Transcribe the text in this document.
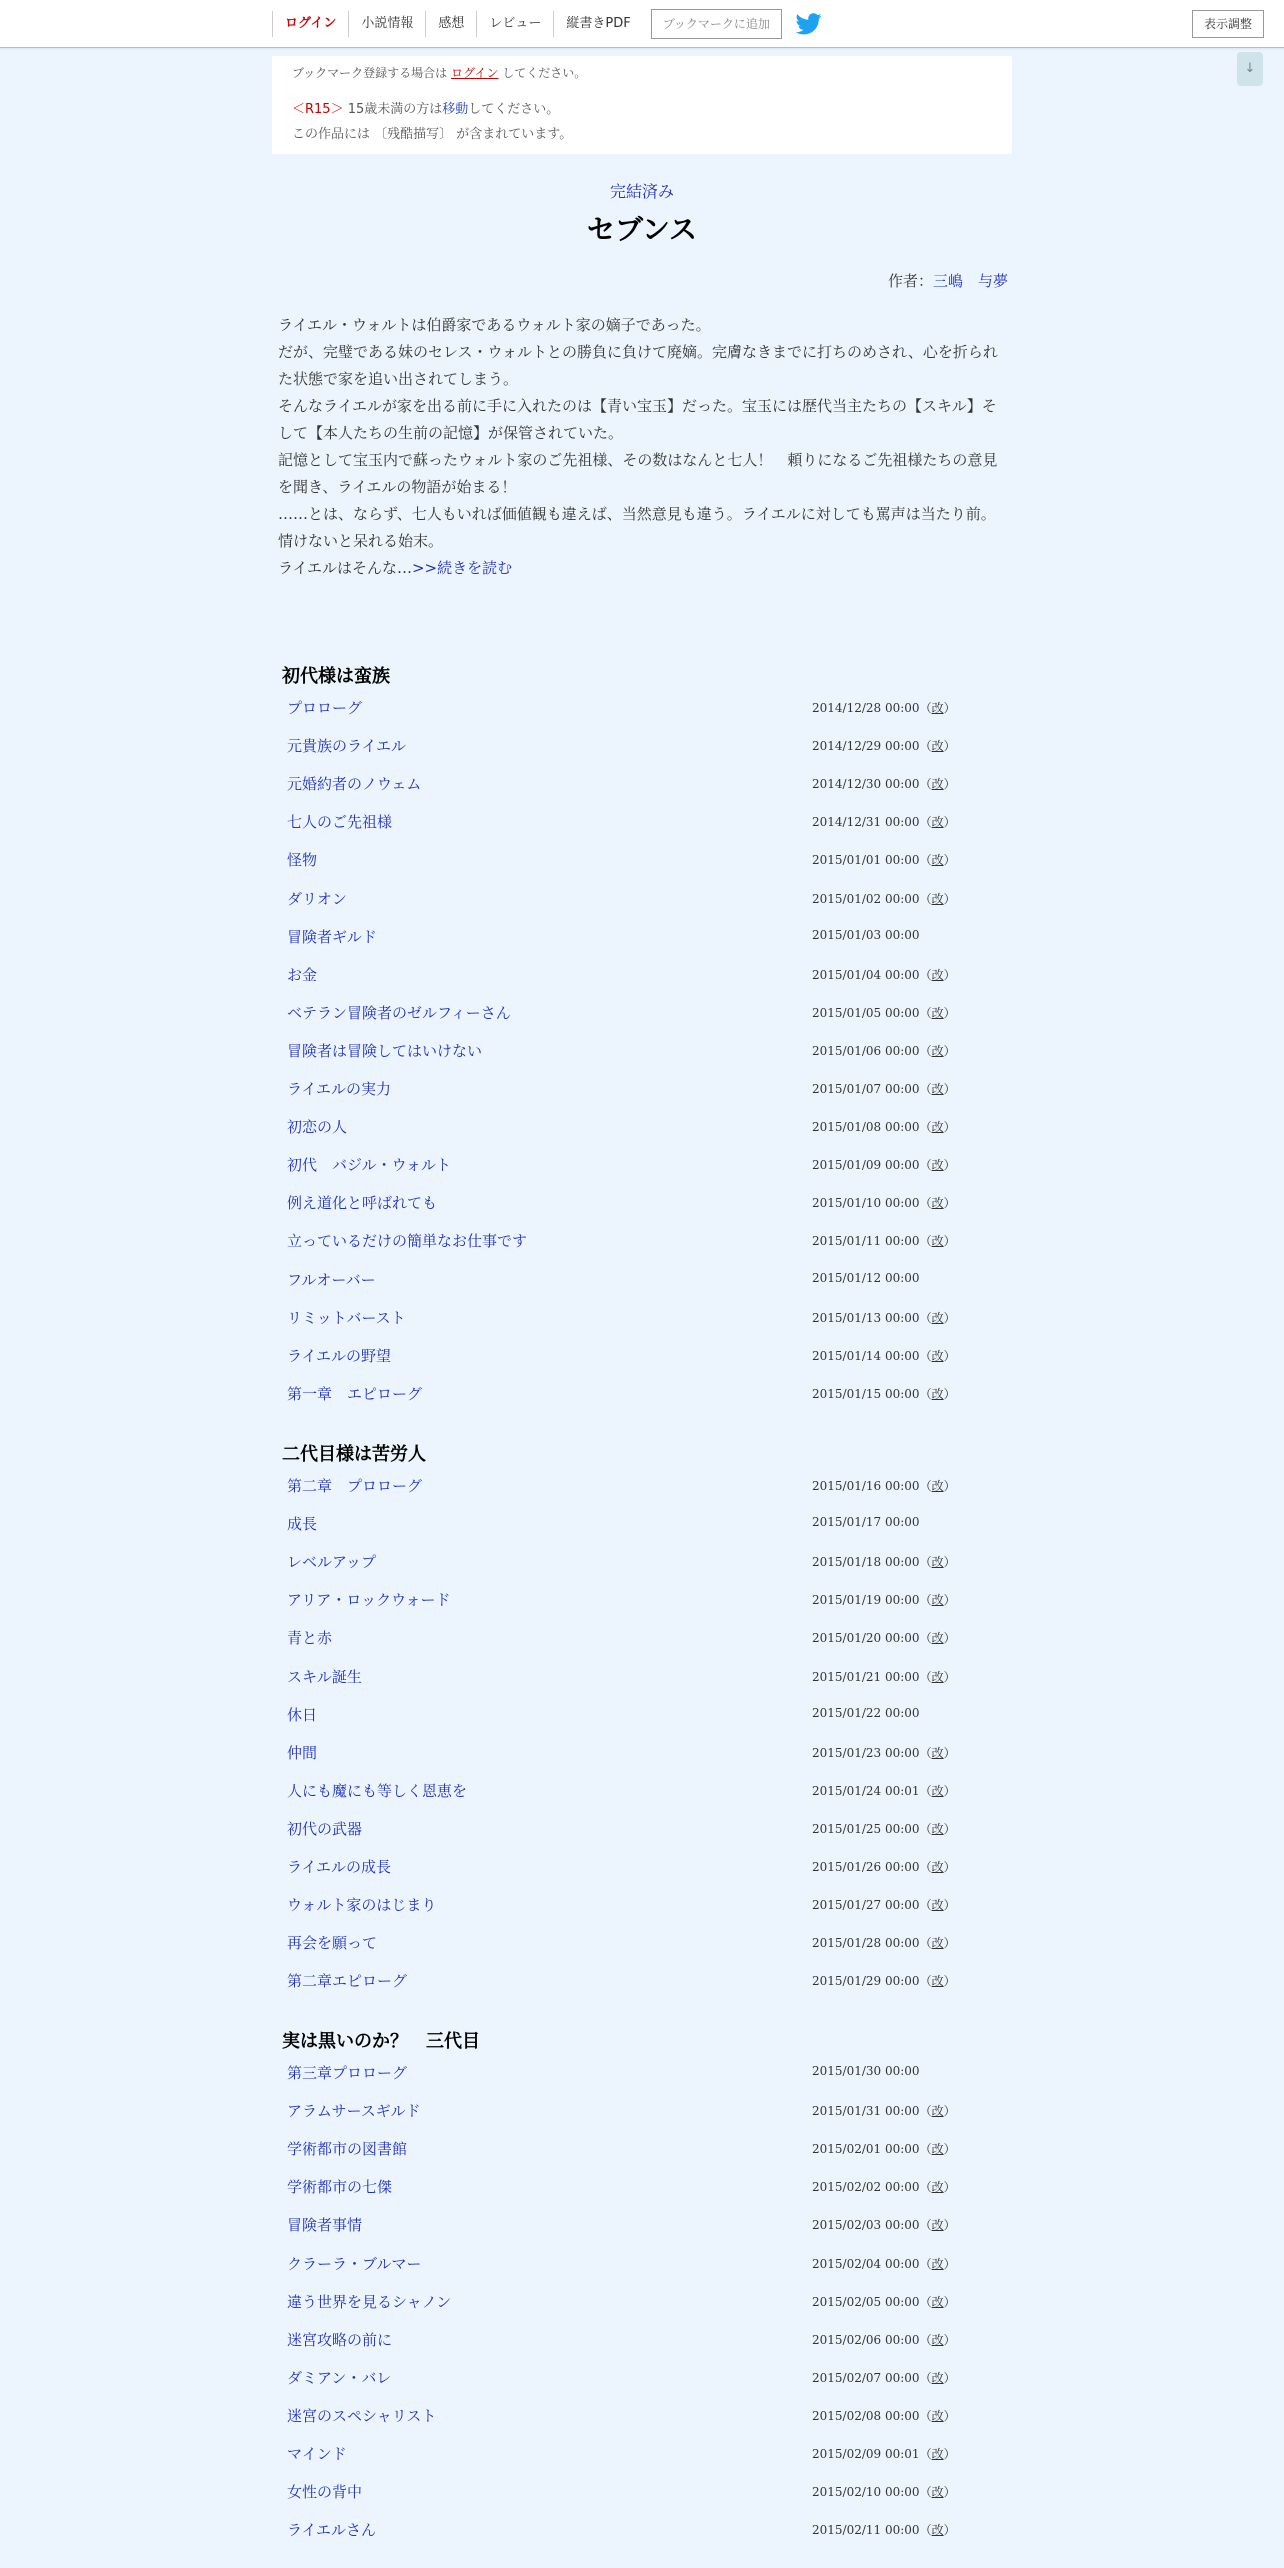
ログイン	小説情報	感想	レビュー	縦書きPDF	ブックマークに追加	表示調整
↓
ブックマーク登録する場合は ログイン してください。
＜R15＞ 15歳未満の方は移動してください。
この作品には 〔残酷描写〕 が含まれています。
完結済み
セブンス
作者：三嶋　与夢

ライエル・ウォルトは伯爵家であるウォルト家の嫡子であった。

だが、完璧である妹のセレス・ウォルトとの勝負に負けて廃嫡。完膚なきまでに打ちのめされ、心を折られた状態で家を追い出されてしまう。

そんなライエルが家を出る前に手に入れたのは【青い宝玉】だった。宝玉には歴代当主たちの【スキル】そして【本人たちの生前の記憶】が保管されていた。

記憶として宝玉内で蘇ったウォルト家のご先祖様、その数はなんと七人！　頼りになるご先祖様たちの意見を聞き、ライエルの物語が始まる！

……とは、ならず、七人もいれば価値観も違えば、当然意見も違う。ライエルに対しても罵声は当たり前。情けないと呆れる始末。

ライエルはそんな…>>続きを読む

初代様は蛮族
プロローグ	2014/12/28 00:00（改）
元貴族のライエル	2014/12/29 00:00（改）
元婚約者のノウェム	2014/12/30 00:00（改）
七人のご先祖様	2014/12/31 00:00（改）
怪物	2015/01/01 00:00（改）
ダリオン	2015/01/02 00:00（改）
冒険者ギルド	2015/01/03 00:00
お金	2015/01/04 00:00（改）
ベテラン冒険者のゼルフィーさん	2015/01/05 00:00（改）
冒険者は冒険してはいけない	2015/01/06 00:00（改）
ライエルの実力	2015/01/07 00:00（改）
初恋の人	2015/01/08 00:00（改）
初代　バジル・ウォルト	2015/01/09 00:00（改）
例え道化と呼ばれても	2015/01/10 00:00（改）
立っているだけの簡単なお仕事です	2015/01/11 00:00（改）
フルオーバー	2015/01/12 00:00
リミットバースト	2015/01/13 00:00（改）
ライエルの野望	2015/01/14 00:00（改）
第一章　エピローグ	2015/01/15 00:00（改）
二代目様は苦労人
第二章　プロローグ	2015/01/16 00:00（改）
成長	2015/01/17 00:00
レベルアップ	2015/01/18 00:00（改）
アリア・ロックウォード	2015/01/19 00:00（改）
青と赤	2015/01/20 00:00（改）
スキル誕生	2015/01/21 00:00（改）
休日	2015/01/22 00:00
仲間	2015/01/23 00:00（改）
人にも魔にも等しく恩恵を	2015/01/24 00:01（改）
初代の武器	2015/01/25 00:00（改）
ライエルの成長	2015/01/26 00:00（改）
ウォルト家のはじまり	2015/01/27 00:00（改）
再会を願って	2015/01/28 00:00（改）
第二章エピローグ	2015/01/29 00:00（改）
実は黒いのか？　三代目
第三章プロローグ	2015/01/30 00:00
アラムサースギルド	2015/01/31 00:00（改）
学術都市の図書館	2015/02/01 00:00（改）
学術都市の七傑	2015/02/02 00:00（改）
冒険者事情	2015/02/03 00:00（改）
クラーラ・ブルマー	2015/02/04 00:00（改）
違う世界を見るシャノン	2015/02/05 00:00（改）
迷宮攻略の前に	2015/02/06 00:00（改）
ダミアン・バレ	2015/02/07 00:00（改）
迷宮のスペシャリスト	2015/02/08 00:00（改）
マインド	2015/02/09 00:01（改）
女性の背中	2015/02/10 00:00（改）
ライエルさん	2015/02/11 00:00（改）
